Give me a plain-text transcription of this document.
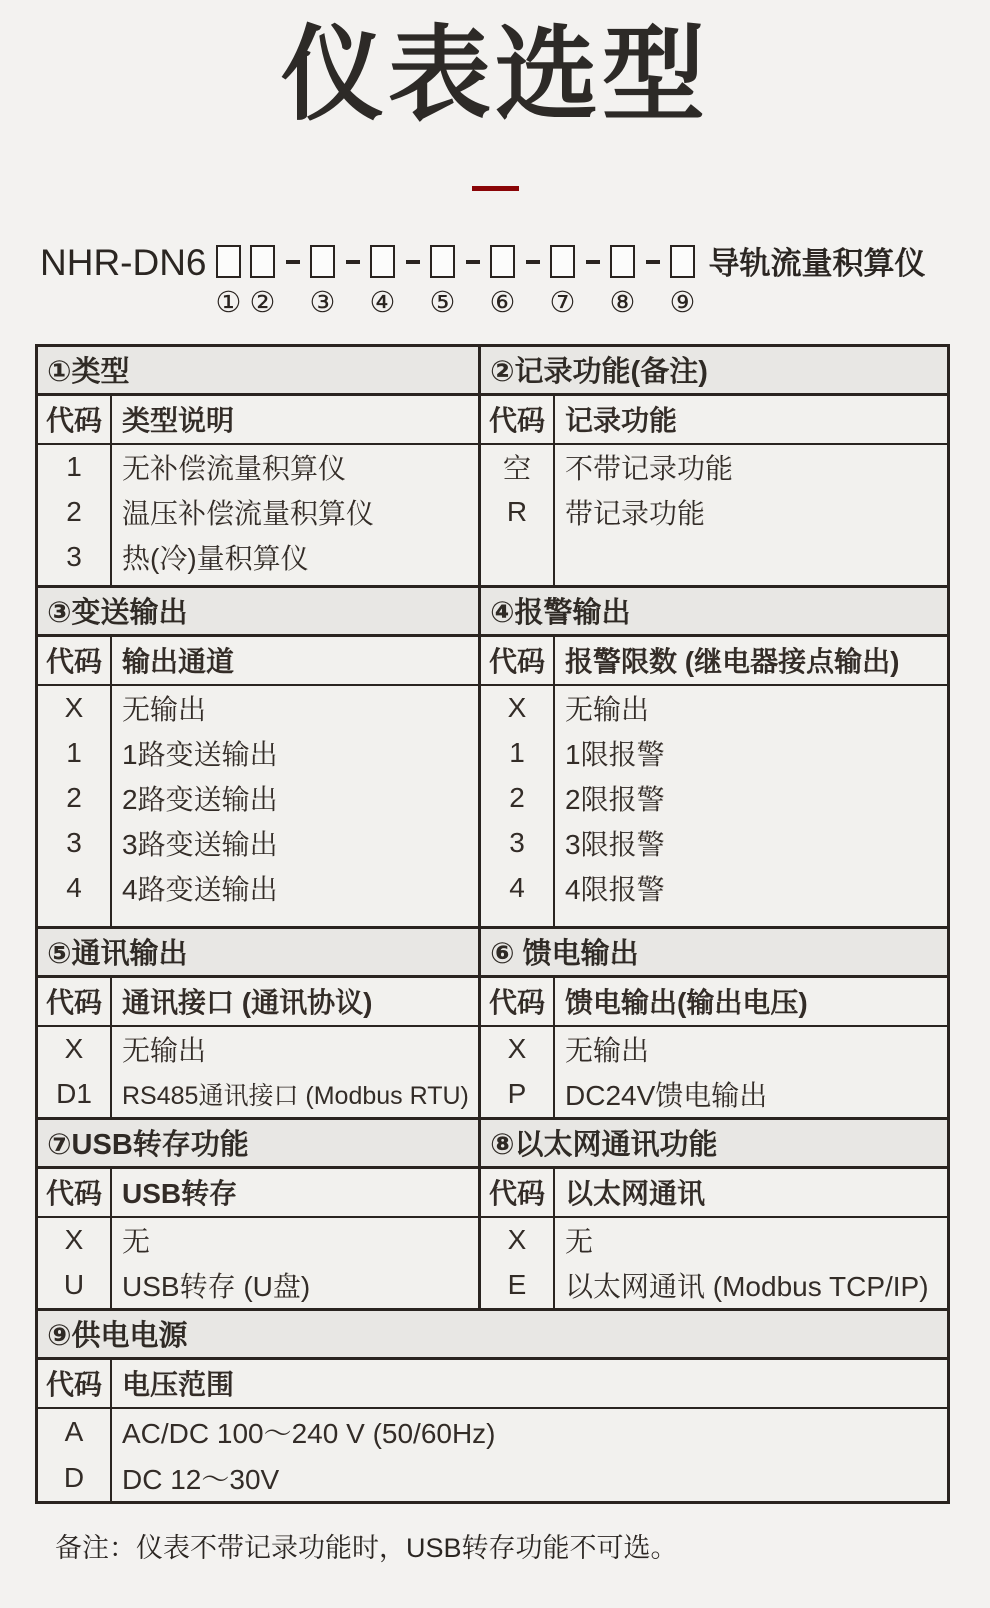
仪表选型
NHR-DN6
① ② ③ ④ ⑤ ⑥ ⑦ ⑧ ⑨
导轨流量积算仪
①类型
代码 类型说明
1	无补偿流量积算仪
2	温压补偿流量积算仪
3	热(冷)量积算仪
②记录功能(备注)
代码 记录功能
空	不带记录功能
R	带记录功能
③变送输出
代码 输出通道
X	无输出
1	1路变送输出
2	2路变送输出
3	3路变送输出
4	4路变送输出
④报警输出
代码 报警限数 (继电器接点输出)
X	无输出
1	1限报警
2	2限报警
3	3限报警
4	4限报警
⑤通讯输出
代码 通讯接口 (通讯协议)
X	无输出
D1	RS485通讯接口 (Modbus RTU)
⑥ 馈电输出
代码 馈电输出(输出电压)
X	无输出
P	DC24V馈电输出
⑦USB转存功能
代码 USB转存
X	无
U	USB转存 (U盘)
⑧以太网通讯功能
代码 以太网通讯
X	无
E	以太网通讯 (Modbus TCP/IP)
⑨供电电源
代码 电压范围
A	AC/DC 100～240 V (50/60Hz)
D	DC 12～30V
备注：仪表不带记录功能时，USB转存功能不可选。
